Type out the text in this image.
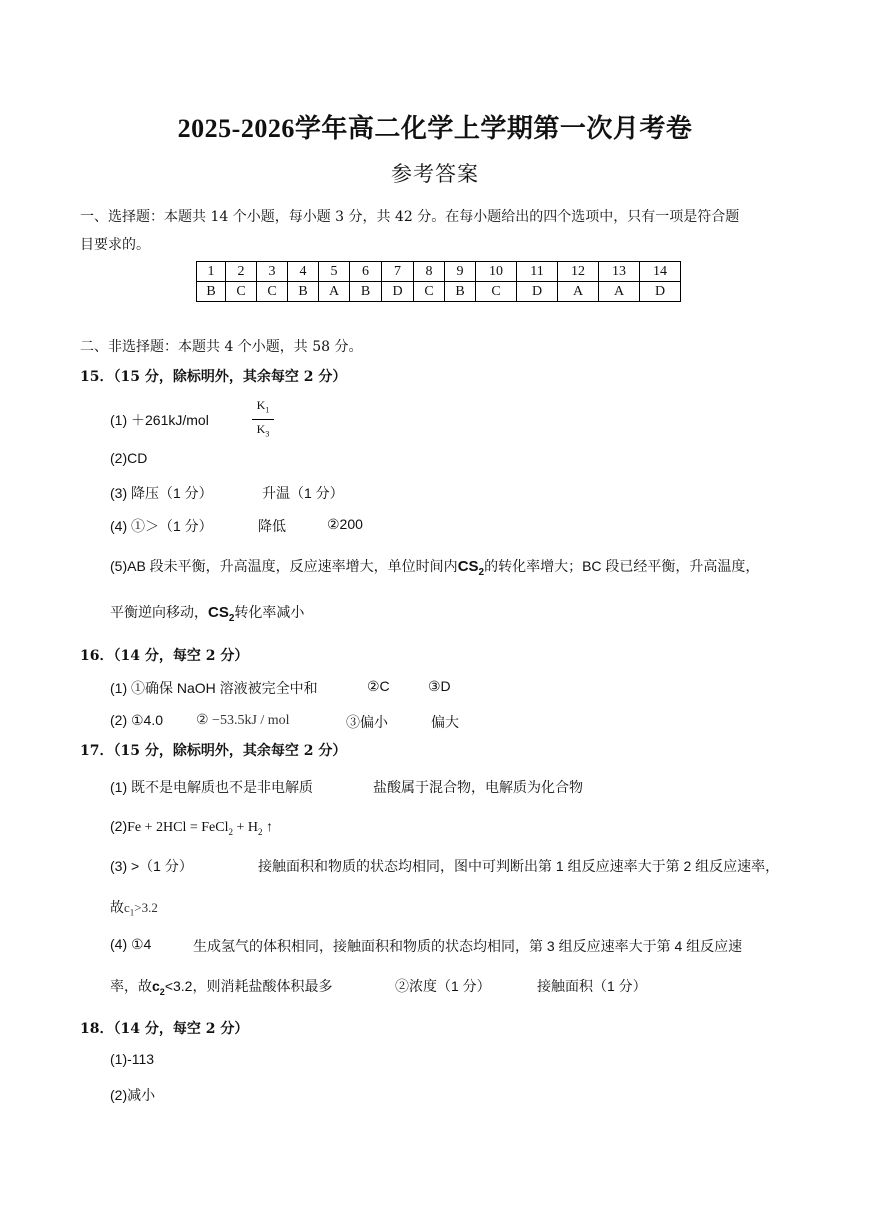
2025-2026学年高二化学上学期第一次月考卷
参考答案
一、选择题：本题共 14 个小题，每小题 3 分，共 42 分。在每小题给出的四个选项中，只有一项是符合题
目要求的。
1	2	3	4	5	6	7	8	9	10	11	12	13	14
B	C	C	B	A	B	D	C	B	C	D	A	A	D
二、非选择题：本题共 4 个小题，共 58 分。
15．（15 分，除标明外，其余每空 2 分）
(1) ＋261kJ/mol
$K_1$
$K_3$
(2)CD
(3) 降压（1 分）	升温（1 分）
(4) ①＞（1 分）	降低	②200
(5)AB 段未平衡，升高温度，反应速率增大，单位时间内$CS_2$的转化率增大；BC 段已经平衡，升高温度，
平衡逆向移动，$CS_2$转化率减小
16．（14 分，每空 2 分）
(1) ①确保 NaOH 溶液被完全中和	②C	③D
(2) ①4.0 ② −53.5kJ / mol	③偏小	偏大
17．（15 分，除标明外，其余每空 2 分）
(1) 既不是电解质也不是非电解质	盐酸属于混合物，电解质为化合物
(2)Fe + 2HCl = FeCl$_2$ + $H_2$ ↑
(3) >（1 分）	接触面积和物质的状态均相同，图中可判断出第 1 组反应速率大于第 2 组反应速率，
故$c_1>3.2$
(4) ①4	生成氢气的体积相同，接触面积和物质的状态均相同，第 3 组反应速率大于第 4 组反应速
率，故$c_2<3.2$，则消耗盐酸体积最多	②浓度（1 分）	接触面积（1 分）
18．（14 分，每空 2 分）
(1)-113
(2)减小
